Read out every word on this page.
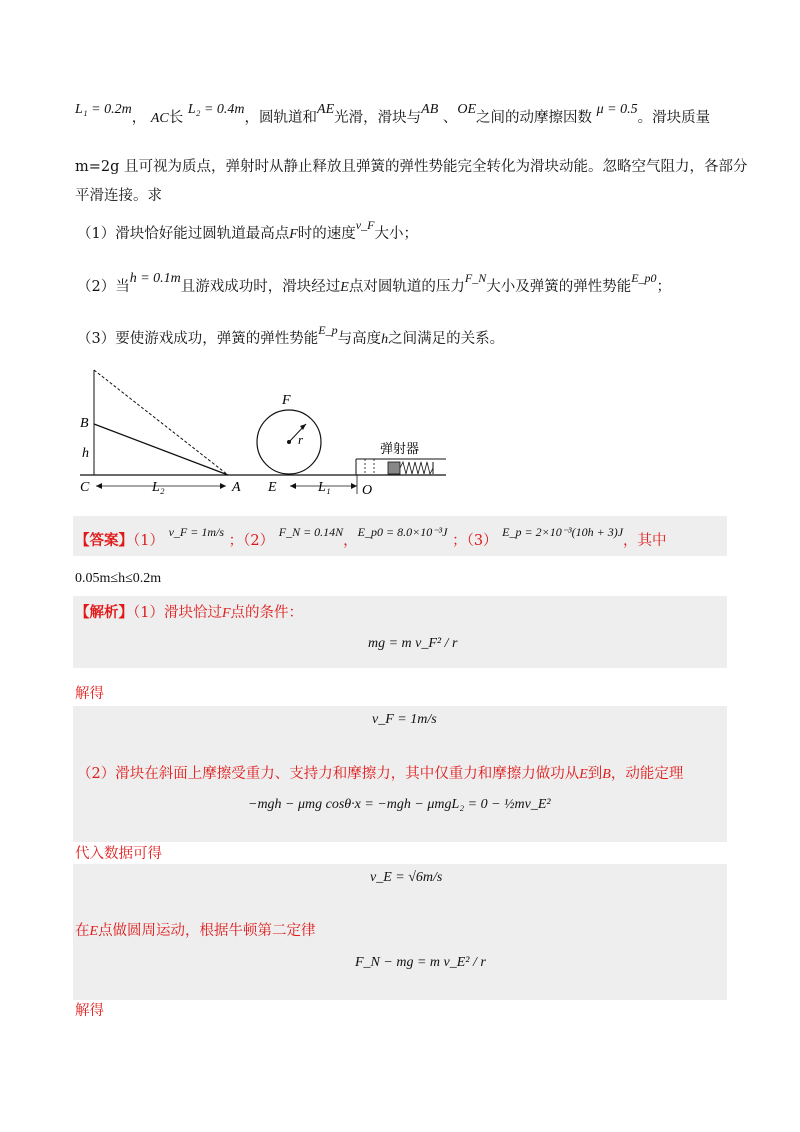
L₁ = 0.2m， AC长 L₂ = 0.4m，圆轨道和AE光滑，滑块与AB 、OE之间的动摩擦因数 μ = 0.5。滑块质量
m=2g 且可视为质点，弹射时从静止释放且弹簧的弹性势能完全转化为滑块动能。忽略空气阻力，各部分
平滑连接。求
（1）滑块恰好能过圆轨道最高点F时的速度$^{v\_F}$大小；
（2）当h = 0.1m且游戏成功时，滑块经过E点对圆轨道的压力$^{F\_N}$大小及弹簧的弹性势能$^{E\_p0}$；
（3）要使游戏成功，弹簧的弹性势能$^{E\_p}$与高度h之间满足的关系。
B
h
C	L₂	A
F
r
E	L₁ O
弹射器
【答案】（1） $^{v\_F = 1m/s}$ ；（2） $^{F\_N = 0.14N}$，$^{E\_p0 = 8.0\times 10^{-3}J}$ ；（3） $^{E\_p = 2\times 10^{-3}(10h + 3)J}$，其中
0.05m≤h≤0.2m
【解析】（1）滑块恰过F点的条件：
mg = m v_F² / r
解得
v_F = 1m/s
（2）滑块在斜面上摩擦受重力、支持力和摩擦力，其中仅重力和摩擦力做功从E到B，动能定理
−mgh − μmg cosθ·x = −mgh − μmgL₂ = 0 − ½mv_E²
代入数据可得
v_E = √6m/s
在E点做圆周运动，根据牛顿第二定律
F_N − mg = m v_E² / r
解得
